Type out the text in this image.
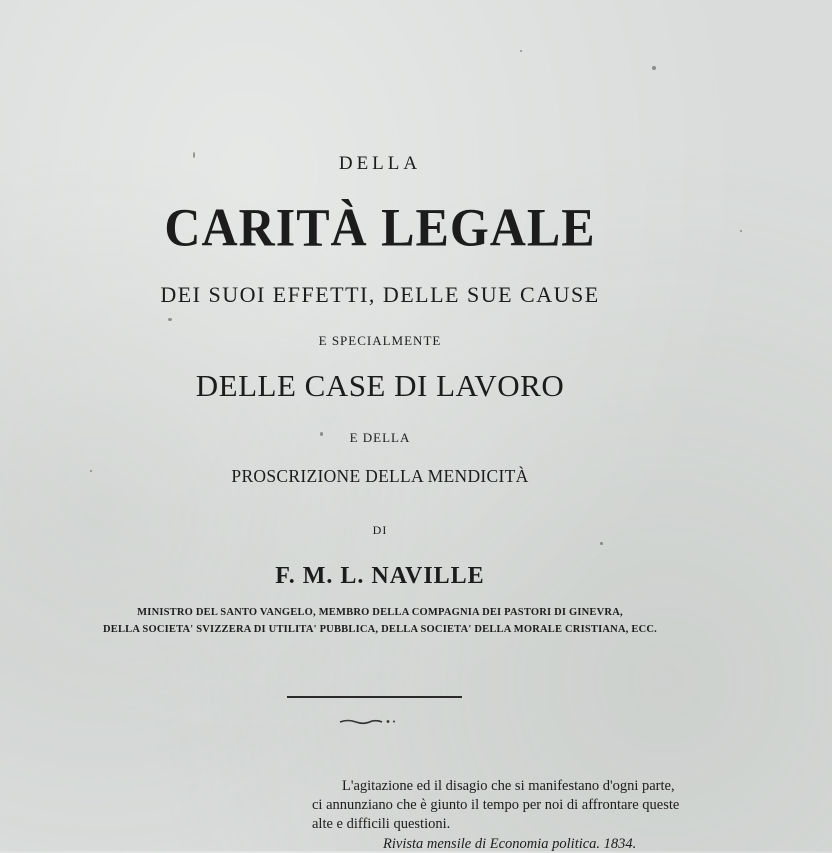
DELLA
CARITÀ LEGALE
DEI SUOI EFFETTI, DELLE SUE CAUSE
E SPECIALMENTE
DELLE CASE DI LAVORO
E DELLA
PROSCRIZIONE DELLA MENDICITÀ
DI
F. M. L. NAVILLE
MINISTRO DEL SANTO VANGELO, MEMBRO DELLA COMPAGNIA DEI PASTORI DI GINEVRA,
DELLA SOCIETA' SVIZZERA DI UTILITA' PUBBLICA, DELLA SOCIETA' DELLA MORALE CRISTIANA, ECC.
L'agitazione ed il disagio che si manifestano d'ogni parte,
ci annunziano che è giunto il tempo per noi di affrontare queste
alte e difficili questioni.
Rivista mensile di Economia politica. 1834.
